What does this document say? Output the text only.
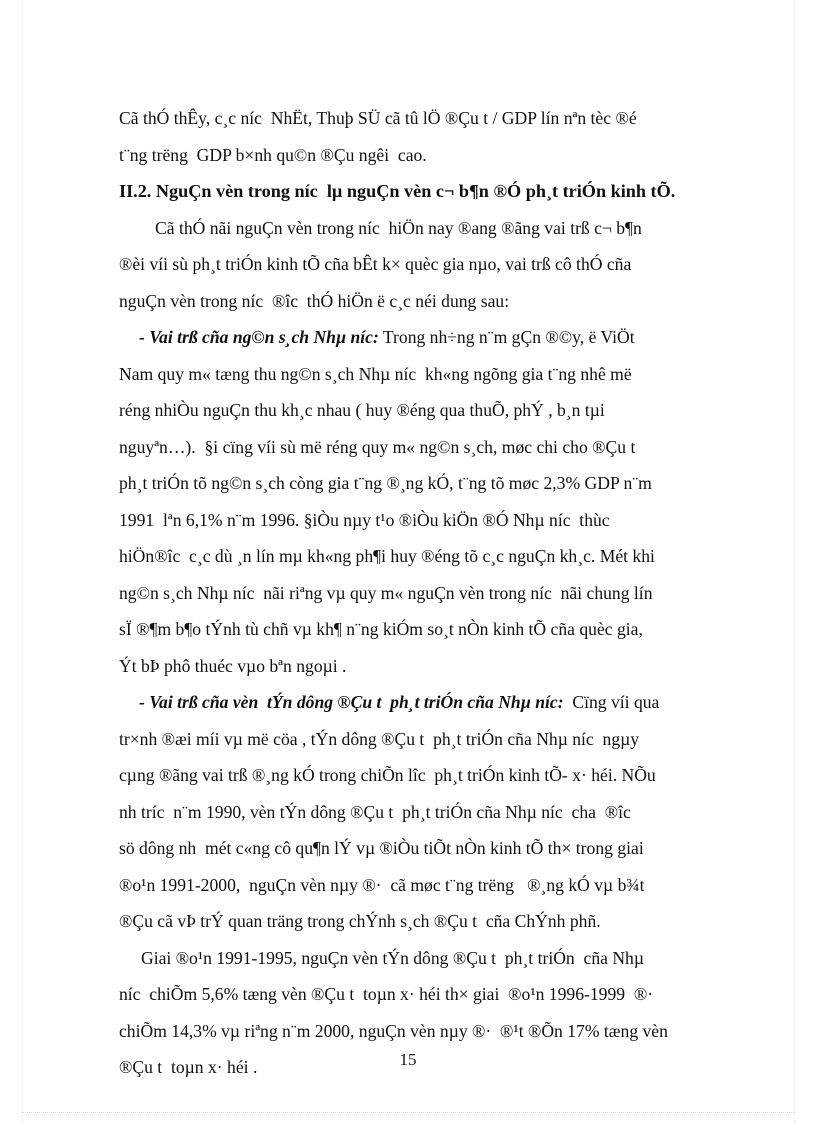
Cã thÓ thÊy, c¸c níc  NhËt, Thuþ SÜ cã tû lÖ ®Çu t / GDP lín nªn tèc ®é
t¨ng trëng  GDP b×nh qu©n ®Çu ngêi  cao.
II.2. NguÇn vèn trong níc  lµ nguÇn vèn c¬ b¶n ®Ó ph¸t triÓn kinh tÕ.
Cã thÓ nãi nguÇn vèn trong níc  hiÖn nay ®ang ®ãng vai trß c¬ b¶n
®èi víi sù ph¸t triÓn kinh tÕ cña bÊt k× quèc gia nµo, vai trß cô thÓ cña
nguÇn vèn trong níc  ®îc  thÓ hiÖn ë c¸c néi dung sau:
- Vai trß cña ng©n s¸ch Nhµ níc: Trong nh÷ng n¨m gÇn ®©y, ë ViÖt
Nam quy m« tæng thu ng©n s¸ch Nhµ níc  kh«ng ngõng gia t¨ng nhê më
réng nhiÒu nguÇn thu kh¸c nhau ( huy ®éng qua thuÕ, phÝ , b¸n tµi
nguyªn…).  §i cïng víi sù më réng quy m« ng©n s¸ch, møc chi cho ®Çu t
ph¸t triÓn tõ ng©n s¸ch còng gia t¨ng ®¸ng kÓ, t¨ng tõ møc 2,3% GDP n¨m
1991  lªn 6,1% n¨m 1996. §iÒu nµy t¹o ®iÒu kiÖn ®Ó Nhµ níc  thùc
hiÖn®îc  c¸c dù ¸n lín mµ kh«ng ph¶i huy ®éng tõ c¸c nguÇn kh¸c. Mét khi
ng©n s¸ch Nhµ níc  nãi riªng vµ quy m« nguÇn vèn trong níc  nãi chung lín
sÏ ®¶m b¶o tÝnh tù chñ vµ kh¶ n¨ng kiÓm so¸t nÒn kinh tÕ cña quèc gia,
Ýt bÞ phô thuéc vµo bªn ngoµi .
- Vai trß cña vèn  tÝn dông ®Çu t  ph¸t triÓn cña Nhµ níc:  Cïng víi qua
tr×nh ®æi míi vµ më cöa , tÝn dông ®Çu t  ph¸t triÓn cña Nhµ níc  ngµy
cµng ®ãng vai trß ®¸ng kÓ trong chiÕn lîc  ph¸t triÓn kinh tÕ- x· héi. NÕu
nh tríc  n¨m 1990, vèn tÝn dông ®Çu t  ph¸t triÓn cña Nhµ níc  cha  ®îc
sö dông nh  mét c«ng cô qu¶n lÝ vµ ®iÒu tiÕt nÒn kinh tÕ th× trong giai
®o¹n 1991-2000,  nguÇn vèn nµy ®·  cã møc t¨ng trëng   ®¸ng kÓ vµ b¾t
®Çu cã vÞ trÝ quan träng trong chÝnh s¸ch ®Çu t  cña ChÝnh phñ.
Giai ®o¹n 1991-1995, nguÇn vèn tÝn dông ®Çu t  ph¸t triÓn  cña Nhµ
níc  chiÕm 5,6% tæng vèn ®Çu t  toµn x· héi th× giai  ®o¹n 1996-1999  ®·
chiÕm 14,3% vµ riªng n¨m 2000, nguÇn vèn nµy ®·  ®¹t ®Õn 17% tæng vèn
®Çu t  toµn x· héi .	15
